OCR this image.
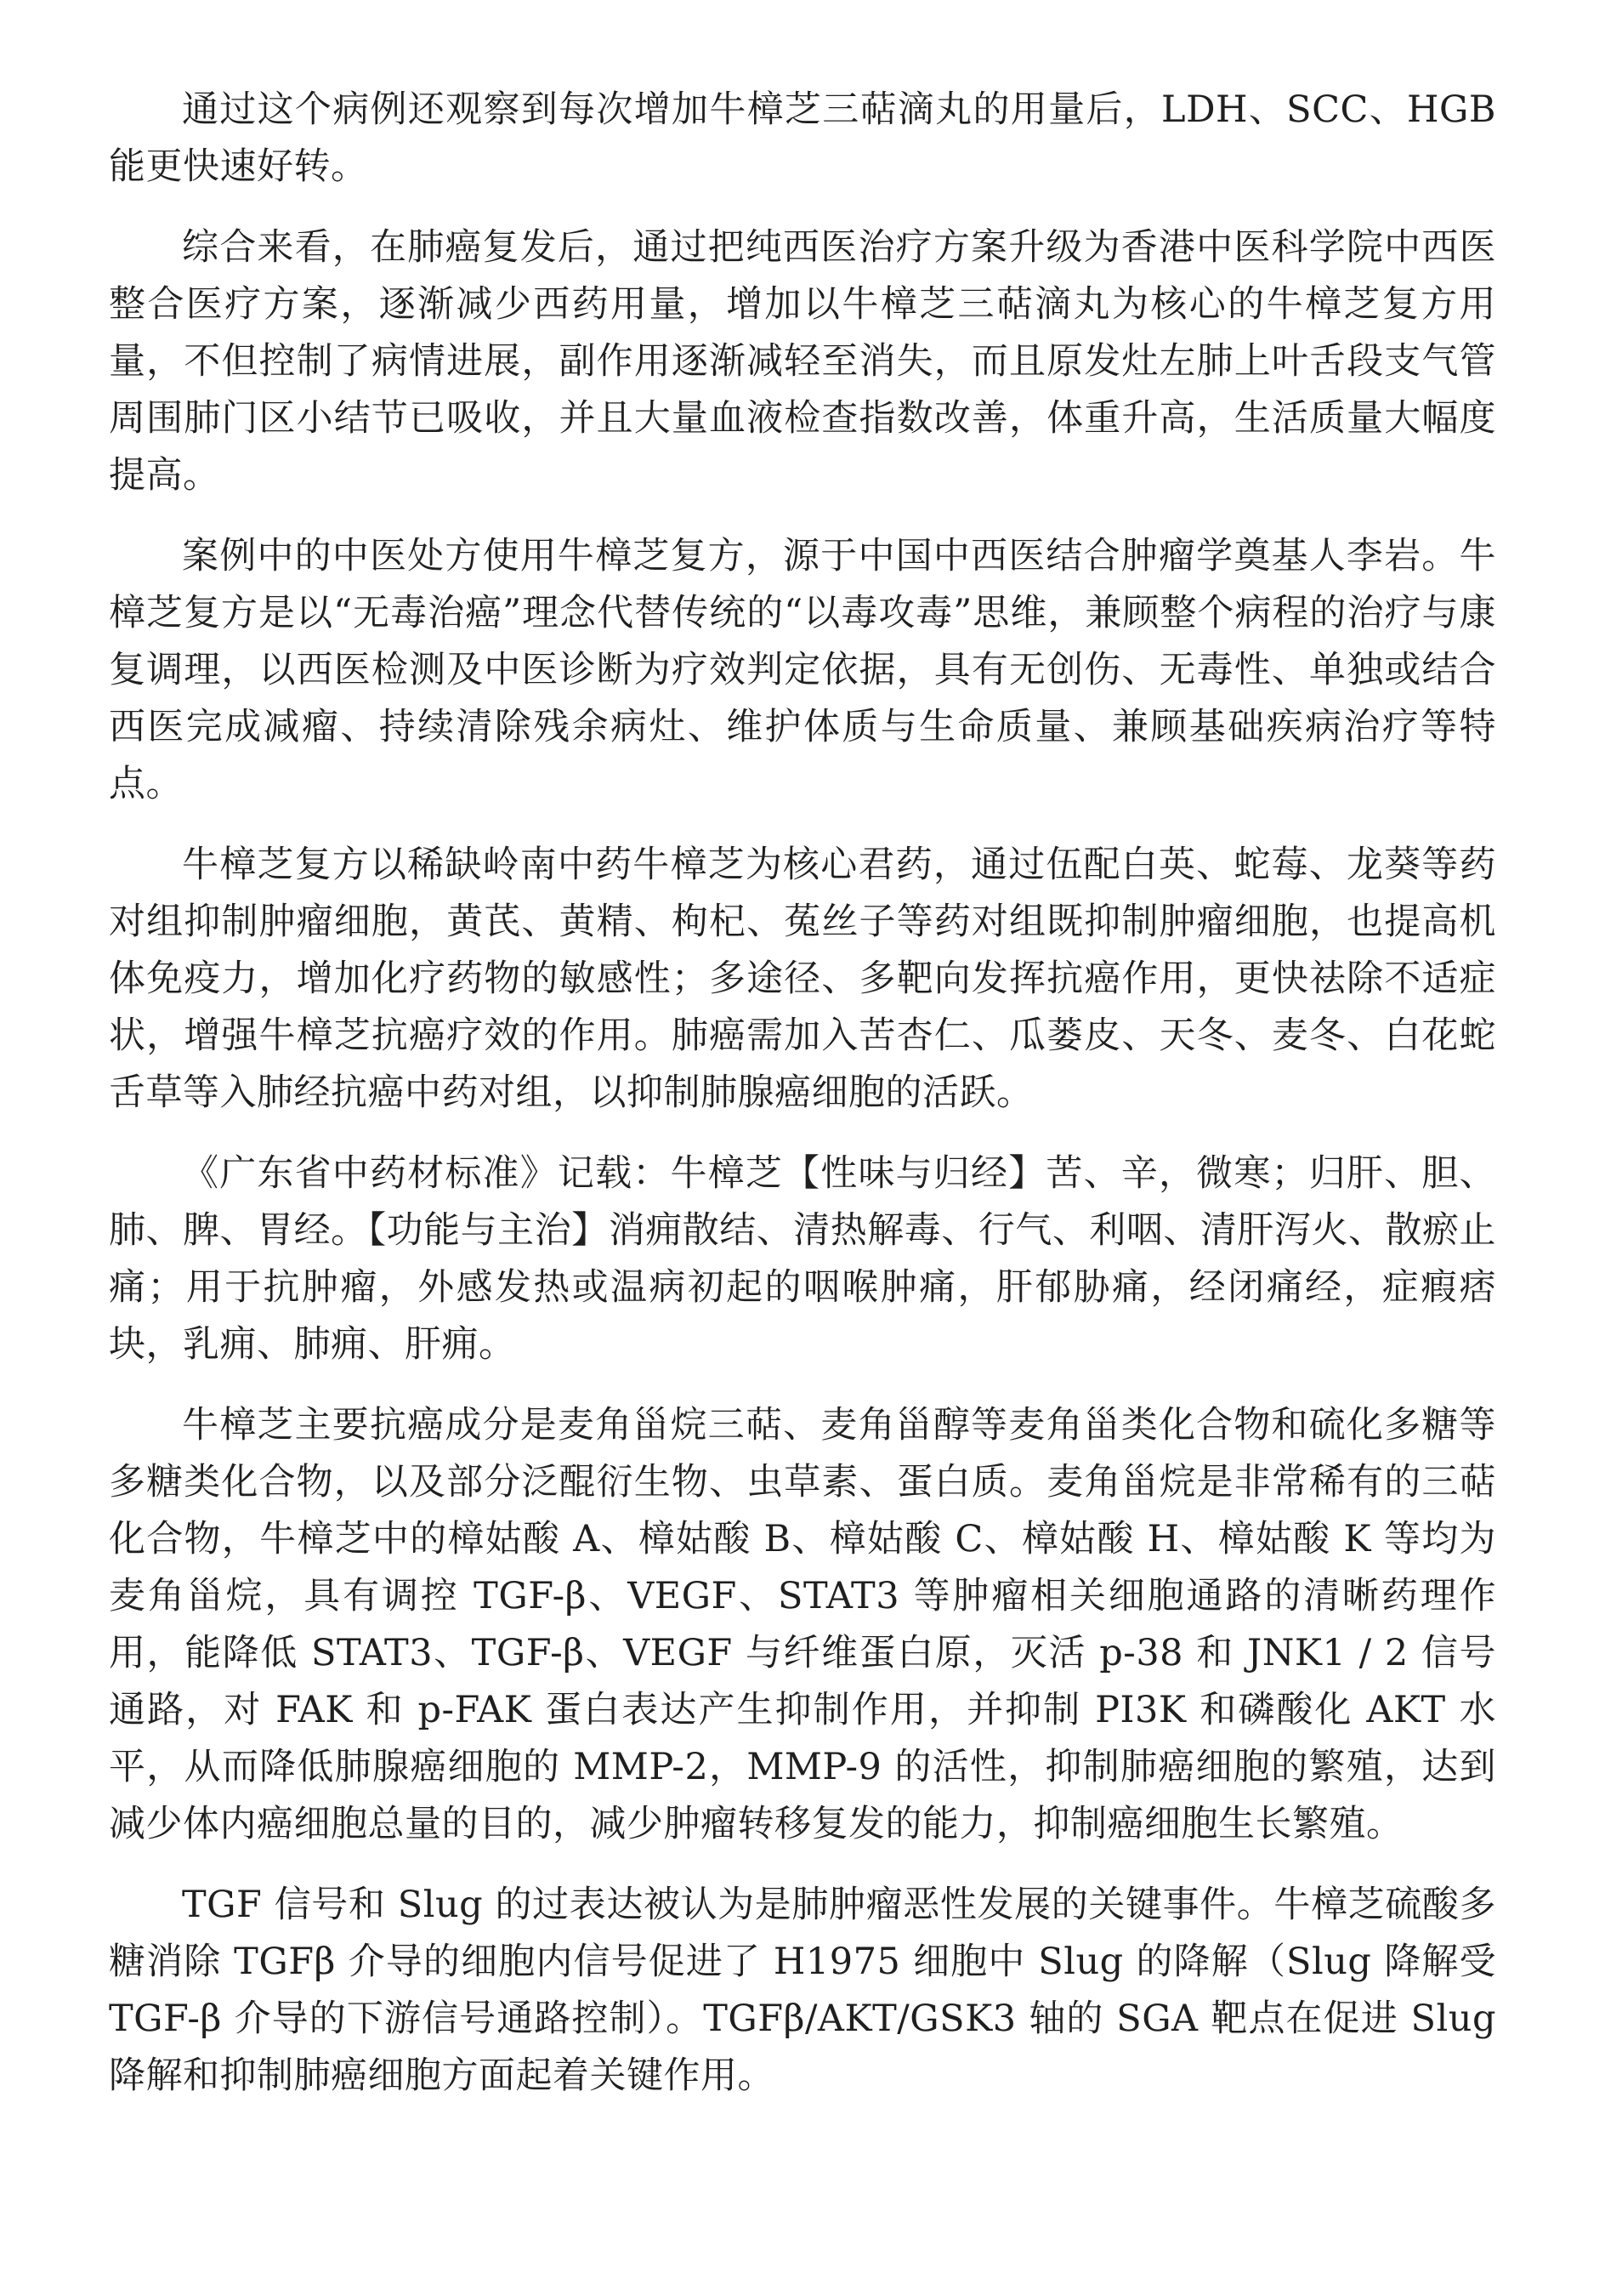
通过这个病例还观察到每次增加牛樟芝三萜滴丸的用量后，LDH、SCC、HGB 能更快速好转。

综合来看，在肺癌复发后，通过把纯西医治疗方案升级为香港中医科学院中西医整合医疗方案，逐渐减少西药用量，增加以牛樟芝三萜滴丸为核心的牛樟芝复方用量，不但控制了病情进展，副作用逐渐减轻至消失，而且原发灶左肺上叶舌段支气管周围肺门区小结节已吸收，并且大量血液检查指数改善，体重升高，生活质量大幅度提高。

案例中的中医处方使用牛樟芝复方，源于中国中西医结合肿瘤学奠基人李岩。牛樟芝复方是以“无毒治癌”理念代替传统的“以毒攻毒”思维，兼顾整个病程的治疗与康复调理，以西医检测及中医诊断为疗效判定依据，具有无创伤、无毒性、单独或结合西医完成减瘤、持续清除残余病灶、维护体质与生命质量、兼顾基础疾病治疗等特点。

牛樟芝复方以稀缺岭南中药牛樟芝为核心君药，通过伍配白英、蛇莓、龙葵等药对组抑制肿瘤细胞，黄芪、黄精、枸杞、菟丝子等药对组既抑制肿瘤细胞，也提高机体免疫力，增加化疗药物的敏感性；多途径、多靶向发挥抗癌作用，更快祛除不适症状，增强牛樟芝抗癌疗效的作用。肺癌需加入苦杏仁、瓜蒌皮、天冬、麦冬、白花蛇舌草等入肺经抗癌中药对组，以抑制肺腺癌细胞的活跃。

《广东省中药材标准》记载：牛樟芝【性味与归经】苦、辛，微寒；归肝、胆、肺、脾、胃经。【功能与主治】消痈散结、清热解毒、行气、利咽、清肝泻火、散瘀止痛；用于抗肿瘤，外感发热或温病初起的咽喉肿痛，肝郁胁痛，经闭痛经，症瘕痞块，乳痈、肺痈、肝痈。

牛樟芝主要抗癌成分是麦角甾烷三萜、麦角甾醇等麦角甾类化合物和硫化多糖等多糖类化合物，以及部分泛醌衍生物、虫草素、蛋白质。麦角甾烷是非常稀有的三萜化合物，牛樟芝中的樟姑酸 A、樟姑酸 B、樟姑酸 C、樟姑酸 H、樟姑酸 K 等均为麦角甾烷，具有调控 TGF-β、VEGF、STAT3 等肿瘤相关细胞通路的清晰药理作用，能降低 STAT3、TGF-β、VEGF 与纤维蛋白原，灭活 p-38 和 JNK1 / 2 信号通路，对 FAK 和 p-FAK 蛋白表达产生抑制作用，并抑制 PI3K 和磷酸化 AKT 水平，从而降低肺腺癌细胞的 MMP-2，MMP-9 的活性，抑制肺癌细胞的繁殖，达到减少体内癌细胞总量的目的，减少肿瘤转移复发的能力，抑制癌细胞生长繁殖。

TGF 信号和 Slug 的过表达被认为是肺肿瘤恶性发展的关键事件。牛樟芝硫酸多糖消除 TGFβ 介导的细胞内信号促进了 H1975 细胞中 Slug 的降解（Slug 降解受 TGF-β 介导的下游信号通路控制）。TGFβ/AKT/GSK3 轴的 SGA 靶点在促进 Slug 降解和抑制肺癌细胞方面起着关键作用。
